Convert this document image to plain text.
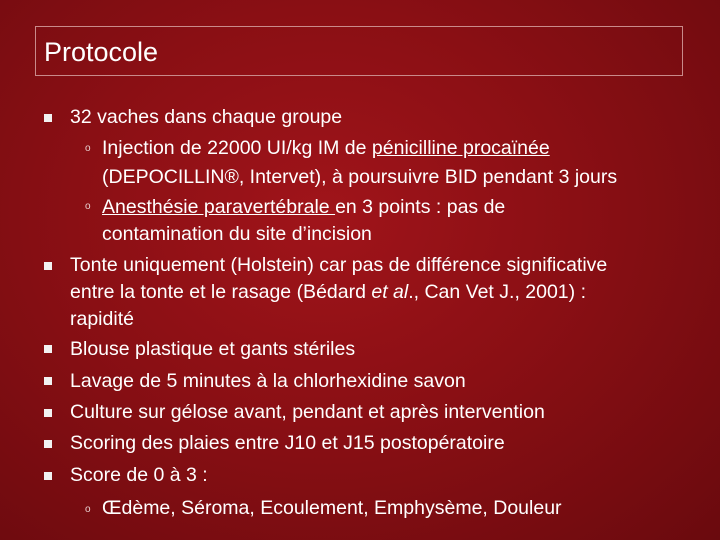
Protocole
32 vaches dans chaque groupe
o Injection de 22000 UI/kg IM de pénicilline procaïnée
(DEPOCILLIN®, Intervet), à poursuivre BID pendant 3 jours
o Anesthésie paravertébrale en 3 points : pas de
contamination du site d’incision
Tonte uniquement (Holstein) car pas de différence significative
entre la tonte et le rasage (Bédard et al., Can Vet J., 2001) :
rapidité
Blouse plastique et gants stériles
Lavage de 5 minutes à la chlorhexidine savon
Culture sur gélose avant, pendant et après intervention
Scoring des plaies entre J10 et J15 postopératoire
Score de 0 à 3 :
o Œdème, Séroma, Ecoulement, Emphysème, Douleur
